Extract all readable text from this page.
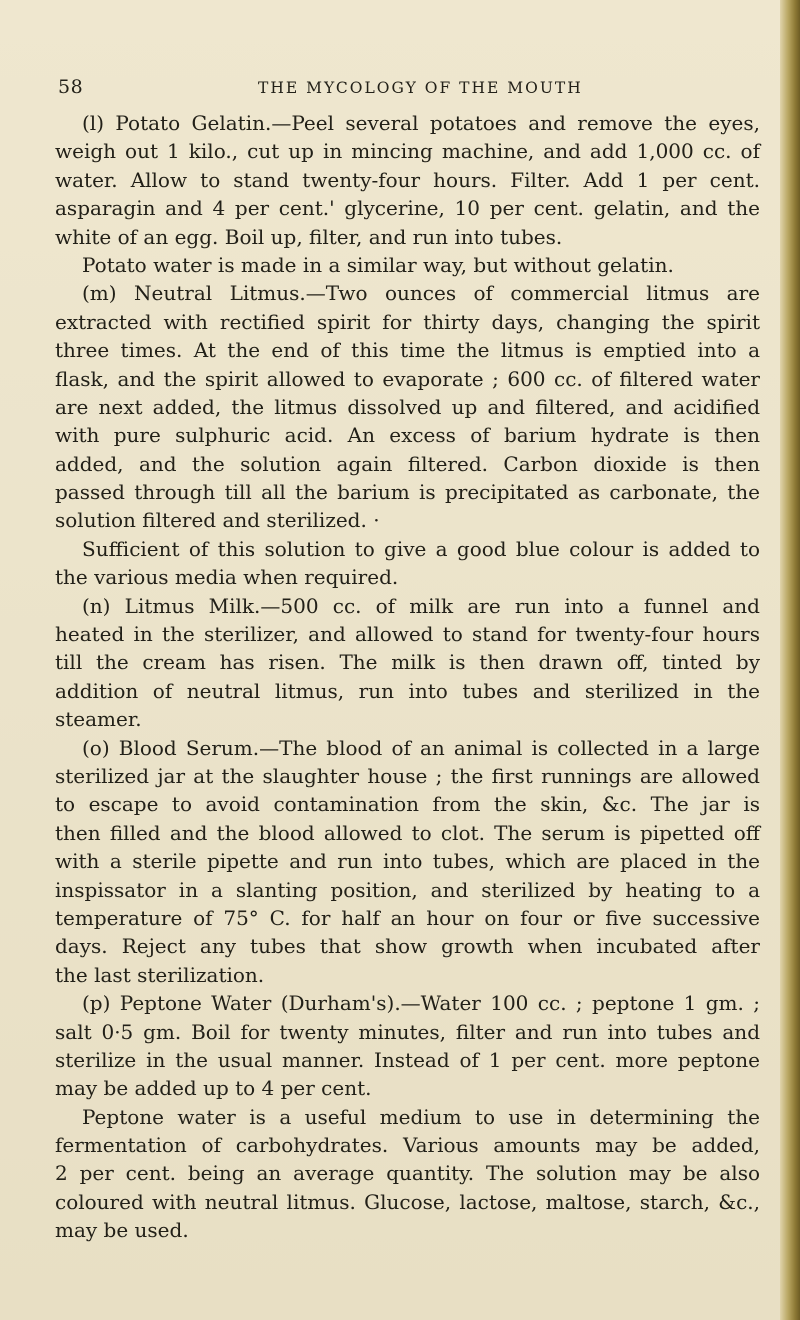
58	THE MYCOLOGY OF THE MOUTH
(l) Potato Gelatin.—Peel several potatoes and remove the eyes,
weigh out 1 kilo., cut up in mincing machine, and add 1,000 cc. of
water. Allow to stand twenty-four hours. Filter. Add 1 per cent.
asparagin and 4 per cent.' glycerine, 10 per cent. gelatin, and the
white of an egg. Boil up, filter, and run into tubes.
Potato water is made in a similar way, but without gelatin.
(m) Neutral Litmus.—Two ounces of commercial litmus are
extracted with rectified spirit for thirty days, changing the spirit
three times. At the end of this time the litmus is emptied into a
flask, and the spirit allowed to evaporate ; 600 cc. of filtered water
are next added, the litmus dissolved up and filtered, and acidified
with pure sulphuric acid. An excess of barium hydrate is then
added, and the solution again filtered. Carbon dioxide is then
passed through till all the barium is precipitated as carbonate, the
solution filtered and sterilized. ·
Sufficient of this solution to give a good blue colour is added to
the various media when required.
(n) Litmus Milk.—500 cc. of milk are run into a funnel and
heated in the sterilizer, and allowed to stand for twenty-four hours
till the cream has risen. The milk is then drawn off, tinted by
addition of neutral litmus, run into tubes and sterilized in the
steamer.
(o) Blood Serum.—The blood of an animal is collected in a large
sterilized jar at the slaughter house ; the first runnings are allowed
to escape to avoid contamination from the skin, &c. The jar is
then filled and the blood allowed to clot. The serum is pipetted off
with a sterile pipette and run into tubes, which are placed in the
inspissator in a slanting position, and sterilized by heating to a
temperature of 75° C. for half an hour on four or five successive
days. Reject any tubes that show growth when incubated after
the last sterilization.
(p) Peptone Water (Durham's).—Water 100 cc. ; peptone 1 gm. ;
salt 0·5 gm. Boil for twenty minutes, filter and run into tubes and
sterilize in the usual manner. Instead of 1 per cent. more peptone
may be added up to 4 per cent.
Peptone water is a useful medium to use in determining the
fermentation of carbohydrates. Various amounts may be added,
2 per cent. being an average quantity. The solution may be also
coloured with neutral litmus. Glucose, lactose, maltose, starch, &c.,
may be used.
